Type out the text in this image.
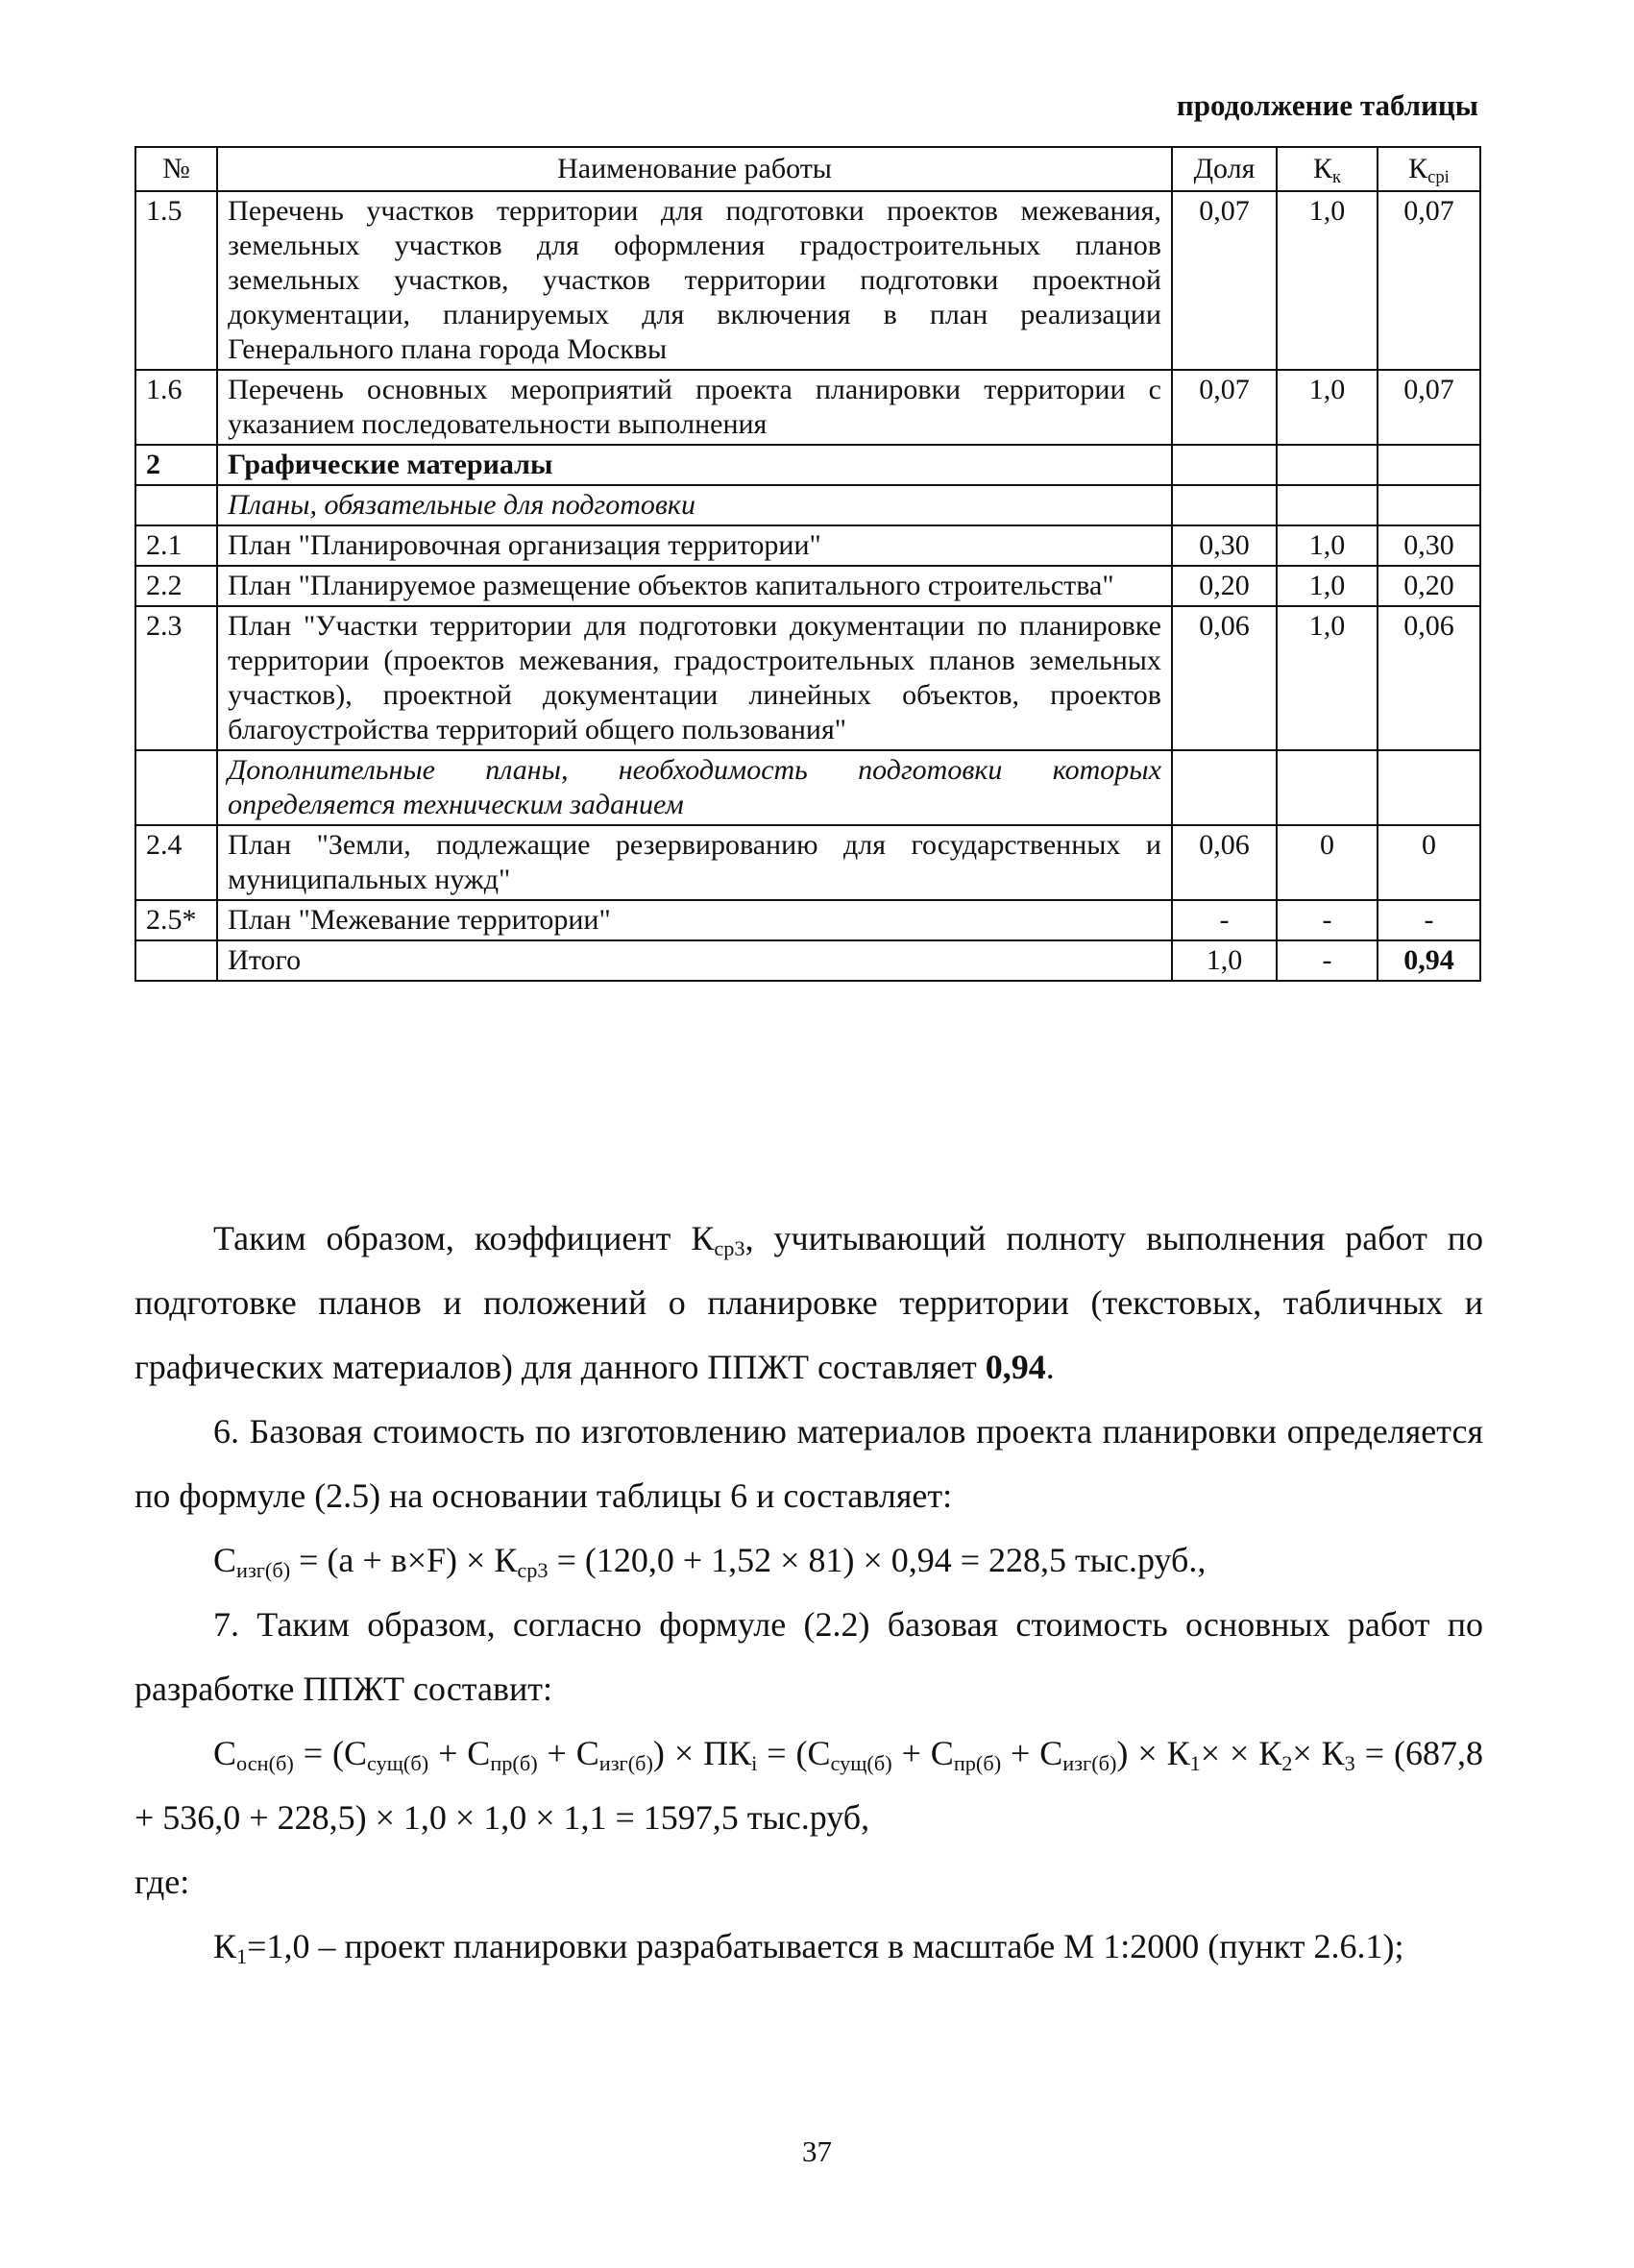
продолжение таблицы
№	Наименование работы	Доля	$К_к$	$К_{срi}$
1.5	Перечень участков территории для подготовки проектов межевания, земельных участков для оформления градостроительных планов земельных участков, участков территории подготовки проектной документации, планируемых для включения в план реализации Генерального плана города Москвы	0,07	1,0	0,07
1.6	Перечень основных мероприятий проекта планировки территории с указанием последовательности выполнения	0,07	1,0	0,07
2	Графические материалы			
	Планы, обязательные для подготовки			
2.1	План "Планировочная организация территории"	0,30	1,0	0,30
2.2	План "Планируемое размещение объектов капитального строительства"	0,20	1,0	0,20
2.3	План "Участки территории для подготовки документации по планировке территории (проектов межевания, градостроительных планов земельных участков), проектной документации линейных объектов, проектов благоустройства территорий общего пользования"	0,06	1,0	0,06
	Дополнительные планы, необходимость подготовки которых определяется техническим заданием			
2.4	План "Земли, подлежащие резервированию для государственных и муниципальных нужд"	0,06	0	0
2.5*	План "Межевание территории"	-	-	-
	Итого	1,0	-	0,94

Таким образом, коэффициент $К_{ср3}$, учитывающий полноту выполнения работ по подготовке планов и положений о планировке территории (текстовых, табличных и графических материалов) для данного ППЖТ составляет 0,94.

6. Базовая стоимость по изготовлению материалов проекта планировки определяется по формуле (2.5) на основании таблицы 6 и составляет:

$С_{изг(б)} = (а + в\times F) \times К_{ср3} = (120,0 + 1,52 \times 81) \times 0,94 = 228,5$ тыс.руб.,

7. Таким образом, согласно формуле (2.2) базовая стоимость основных работ по разработке ППЖТ составит:

$С_{осн(б)} = (С_{сущ(б)} + С_{пр(б)} + С_{изг(б)}) \times ПК_i = (С_{сущ(б)} + С_{пр(б)} + С_{изг(б)}) \times К_1\times \times К_2\times К_3 = (687,8 + 536,0 + 228,5) \times 1,0 \times 1,0 \times 1,1 = 1597,5$ тыс.руб,

где:

$К_1=1,0$ – проект планировки разрабатывается в масштабе М 1:2000 (пункт 2.6.1);

37
